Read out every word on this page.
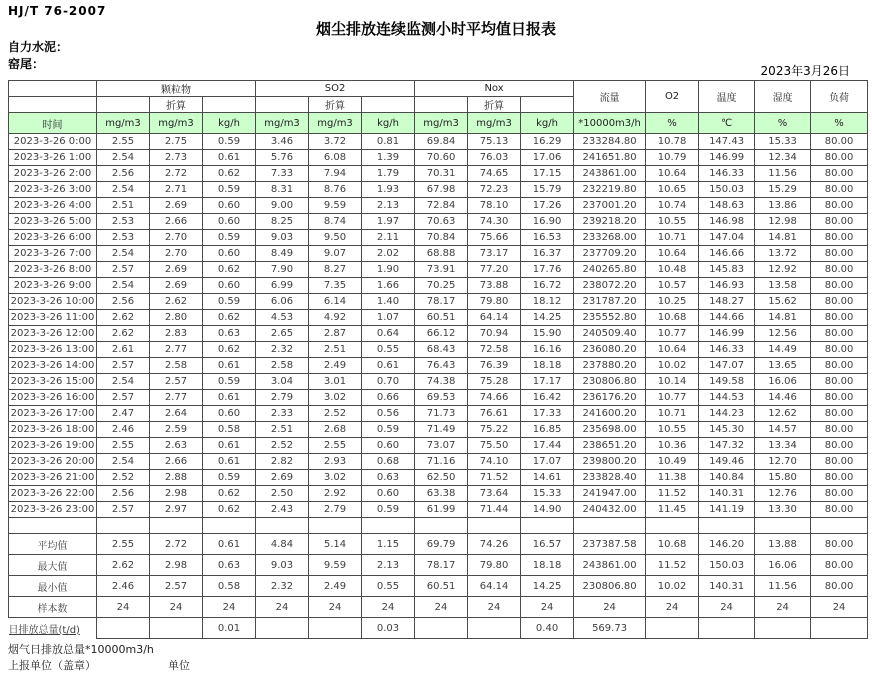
HJ/T 76-2007
烟尘排放连续监测小时平均值日报表
自力水泥：
窑尾：	2023年3月26日
	颗粒物			SO2			Nox			流量	O2	温度	湿度	负荷
		折算			折算			折算						
时间	mg/m3	mg/m3	kg/h	mg/m3	mg/m3	kg/h	mg/m3	mg/m3	kg/h	*10000m3/h	%	℃	%	%
2023-3-26 0:00	2.55	2.75	0.59	3.46	3.72	0.81	69.84	75.13	16.29	233284.80	10.78	147.43	15.33	80.00
2023-3-26 1:00	2.54	2.73	0.61	5.76	6.08	1.39	70.60	76.03	17.06	241651.80	10.79	146.99	12.34	80.00
2023-3-26 2:00	2.56	2.72	0.62	7.33	7.94	1.79	70.31	74.65	17.15	243861.00	10.64	146.33	11.56	80.00
2023-3-26 3:00	2.54	2.71	0.59	8.31	8.76	1.93	67.98	72.23	15.79	232219.80	10.65	150.03	15.29	80.00
2023-3-26 4:00	2.51	2.69	0.60	9.00	9.59	2.13	72.84	78.10	17.26	237001.20	10.74	148.63	13.86	80.00
2023-3-26 5:00	2.53	2.66	0.60	8.25	8.74	1.97	70.63	74.30	16.90	239218.20	10.55	146.98	12.98	80.00
2023-3-26 6:00	2.53	2.70	0.59	9.03	9.50	2.11	70.84	75.66	16.53	233268.00	10.71	147.04	14.81	80.00
2023-3-26 7:00	2.54	2.70	0.60	8.49	9.07	2.02	68.88	73.17	16.37	237709.20	10.64	146.66	13.72	80.00
2023-3-26 8:00	2.57	2.69	0.62	7.90	8.27	1.90	73.91	77.20	17.76	240265.80	10.48	145.83	12.92	80.00
2023-3-26 9:00	2.54	2.69	0.60	6.99	7.35	1.66	70.25	73.88	16.72	238072.20	10.57	146.93	13.58	80.00
2023-3-26 10:00	2.56	2.62	0.59	6.06	6.14	1.40	78.17	79.80	18.12	231787.20	10.25	148.27	15.62	80.00
2023-3-26 11:00	2.62	2.80	0.62	4.53	4.92	1.07	60.51	64.14	14.25	235552.80	10.68	144.66	14.81	80.00
2023-3-26 12:00	2.62	2.83	0.63	2.65	2.87	0.64	66.12	70.94	15.90	240509.40	10.77	146.99	12.56	80.00
2023-3-26 13:00	2.61	2.77	0.62	2.32	2.51	0.55	68.43	72.58	16.16	236080.20	10.64	146.33	14.49	80.00
2023-3-26 14:00	2.57	2.58	0.61	2.58	2.49	0.61	76.43	76.39	18.18	237880.20	10.02	147.07	13.65	80.00
2023-3-26 15:00	2.54	2.57	0.59	3.04	3.01	0.70	74.38	75.28	17.17	230806.80	10.14	149.58	16.06	80.00
2023-3-26 16:00	2.57	2.77	0.61	2.79	3.02	0.66	69.53	74.66	16.42	236176.20	10.77	144.53	14.46	80.00
2023-3-26 17:00	2.47	2.64	0.60	2.33	2.52	0.56	71.73	76.61	17.33	241600.20	10.71	144.23	12.62	80.00
2023-3-26 18:00	2.46	2.59	0.58	2.51	2.68	0.59	71.49	75.22	16.85	235698.00	10.55	145.30	14.57	80.00
2023-3-26 19:00	2.55	2.63	0.61	2.52	2.55	0.60	73.07	75.50	17.44	238651.20	10.36	147.32	13.34	80.00
2023-3-26 20:00	2.54	2.66	0.61	2.82	2.93	0.68	71.16	74.10	17.07	239800.20	10.49	149.46	12.70	80.00
2023-3-26 21:00	2.52	2.88	0.59	2.69	3.02	0.63	62.50	71.52	14.61	233828.40	11.38	140.84	15.80	80.00
2023-3-26 22:00	2.56	2.98	0.62	2.50	2.92	0.60	63.38	73.64	15.33	241947.00	11.52	140.31	12.76	80.00
2023-3-26 23:00	2.57	2.97	0.62	2.43	2.79	0.59	61.99	71.44	14.90	240432.00	11.45	141.19	13.30	80.00

平均值	2.55	2.72	0.61	4.84	5.14	1.15	69.79	74.26	16.57	237387.58	10.68	146.20	13.88	80.00
最大值	2.62	2.98	0.63	9.03	9.59	2.13	78.17	79.80	18.18	243861.00	11.52	150.03	16.06	80.00
最小值	2.46	2.57	0.58	2.32	2.49	0.55	60.51	64.14	14.25	230806.80	10.02	140.31	11.56	80.00
样本数	24	24	24	24	24	24	24	24	24	24	24	24	24	24
日排放总量(t/d)			0.01			0.03			0.40	569.73				
烟气日排放总量*10000m3/h
上报单位（盖章）	单位
